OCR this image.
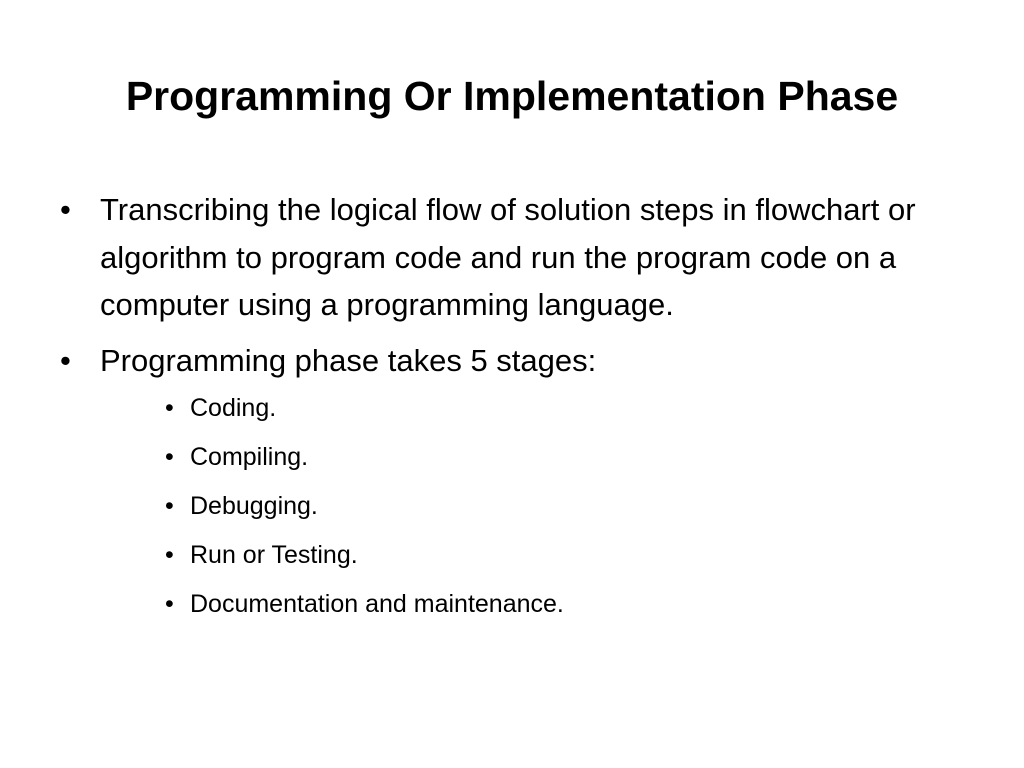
Programming Or Implementation Phase
• Transcribing the logical flow of solution steps in flowchart or algorithm to program code and run the program code on a computer using a programming language.
• Programming phase takes 5 stages:
• Coding.
• Compiling.
• Debugging.
• Run or Testing.
• Documentation and maintenance.
